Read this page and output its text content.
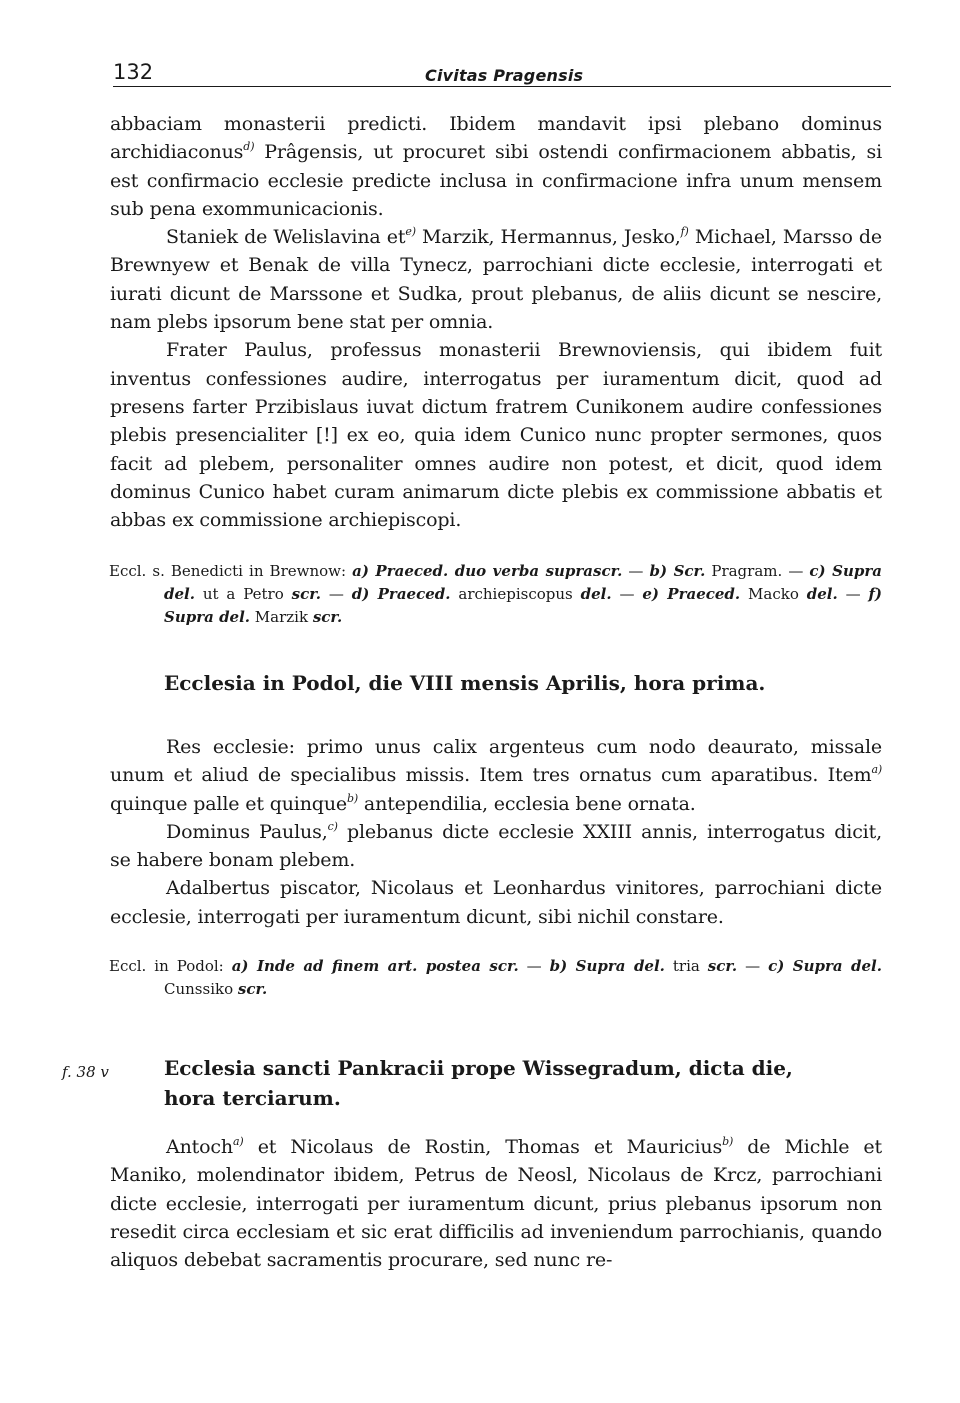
132	Civitas Pragensis

abbaciam monasterii predicti. Ibidem mandavit ipsi plebano dominus archidiaconus$^{d)}$ Prâgensis, ut procuret sibi ostendi confirmacionem abbatis, si est confirmacio ecclesie predicte inclusa in confirmacione infra unum mensem sub pena exommunicacionis.

Staniek de Welislavina $et^{e)}$ Marzik, Hermannus, Jesko,$^{f)}$ Michael, Marsso de Brewnyew et Benak de villa Tynecz, parrochiani dicte ecclesie, interrogati et iurati dicunt de Marssone et Sudka, prout plebanus, de aliis dicunt se nescire, nam plebs ipsorum bene stat per omnia.

Frater Paulus, professus monasterii Brewnoviensis, qui ibidem fuit inventus confessiones audire, interrogatus per iuramentum dicit, quod ad presens farter Przibislaus iuvat dictum fratrem Cunikonem audire confessiones plebis presencialiter [!] ex eo, quia idem Cunico nunc propter sermones, quos facit ad plebem, personaliter omnes audire non potest, et dicit, quod idem dominus Cunico habet curam animarum dicte plebis ex commissione abbatis et abbas ex commissione archiepiscopi.

Eccl. s. Benedicti in Brewnow: a) Praeced. duo verba suprascr. — b) Scr. Pragram. — c) Supra del. ut a Petro scr. — d) Praeced. archiepiscopus del. — e) Praeced. Macko del. — f) Supra del. Marzik scr.
Ecclesia in Podol, die VIII mensis Aprilis, hora prima.

Res ecclesie: primo unus calix argenteus cum nodo deaurato, missale unum et aliud de specialibus missis. Item tres ornatus cum aparatibus. Item$^{a)}$ quinque palle et quinque$^{b)}$ antependilia, ecclesia bene ornata.

Dominus Paulus,$^{c)}$ plebanus dicte ecclesie XXIII annis, interrogatus dicit, se habere bonam plebem.

Adalbertus piscator, Nicolaus et Leonhardus vinitores, parrochiani dicte ecclesie, interrogati per iuramentum dicunt, sibi nichil constare.

Eccl. in Podol: a) Inde ad finem art. postea scr. — b) Supra del. tria scr. — c) Supra del. Cunssiko scr.
f. 38 v	Ecclesia sancti Pankracii prope Wissegradum, dicta die,
hora terciarum.

Antoch$^{a)}$ et Nicolaus de Rostin, Thomas et Mauricius$^{b)}$ de Michle et Maniko, molendinator ibidem, Petrus de Neosl, Nicolaus de Krcz, parrochiani dicte ecclesie, interrogati per iuramentum dicunt, prius plebanus ipsorum non resedit circa ecclesiam et sic erat difficilis ad inveniendum parrochianis, quando aliquos debebat sacramentis procurare, sed nunc re-
